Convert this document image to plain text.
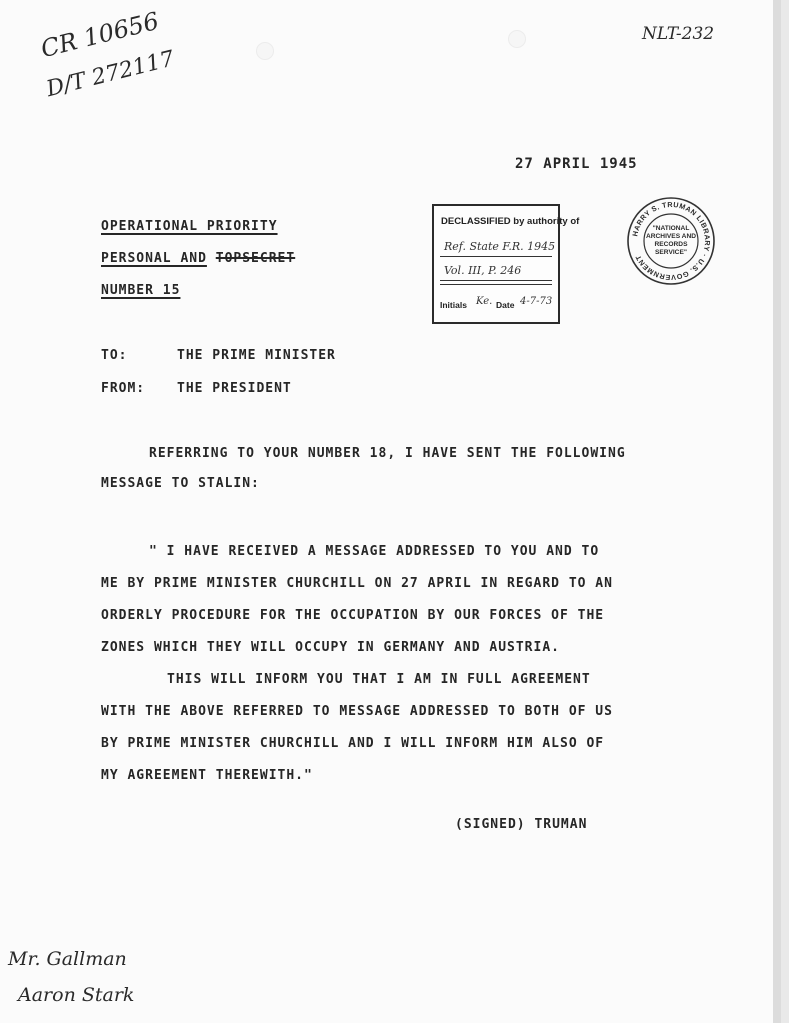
CR 10656
D/T 272117
NLT-232
Mr. Gallman
Aaron Stark
27 APRIL 1945
OPERATIONAL PRIORITY
PERSONAL AND TOPSECRET
NUMBER 15
DECLASSIFIED by authority of
Ref. State F.R. 1945
Vol. III, P. 246
Initials Ke. Date 4-7-73
HARRY S. TRUMAN LIBRARY · U.S. GOVERNMENT
"NATIONAL
ARCHIVES AND
RECORDS
SERVICE"
TO:	THE PRIME MINISTER
FROM: THE PRESIDENT
REFERRING TO YOUR NUMBER 18, I HAVE SENT THE FOLLOWING
MESSAGE TO STALIN:
" I HAVE RECEIVED A MESSAGE ADDRESSED TO YOU AND TO
ME BY PRIME MINISTER CHURCHILL ON 27 APRIL IN REGARD TO AN
ORDERLY PROCEDURE FOR THE OCCUPATION BY OUR FORCES OF THE
ZONES WHICH THEY WILL OCCUPY IN GERMANY AND AUSTRIA.
THIS WILL INFORM YOU THAT I AM IN FULL AGREEMENT
WITH THE ABOVE REFERRED TO MESSAGE ADDRESSED TO BOTH OF US
BY PRIME MINISTER CHURCHILL AND I WILL INFORM HIM ALSO OF
MY AGREEMENT THEREWITH."
(SIGNED) TRUMAN
